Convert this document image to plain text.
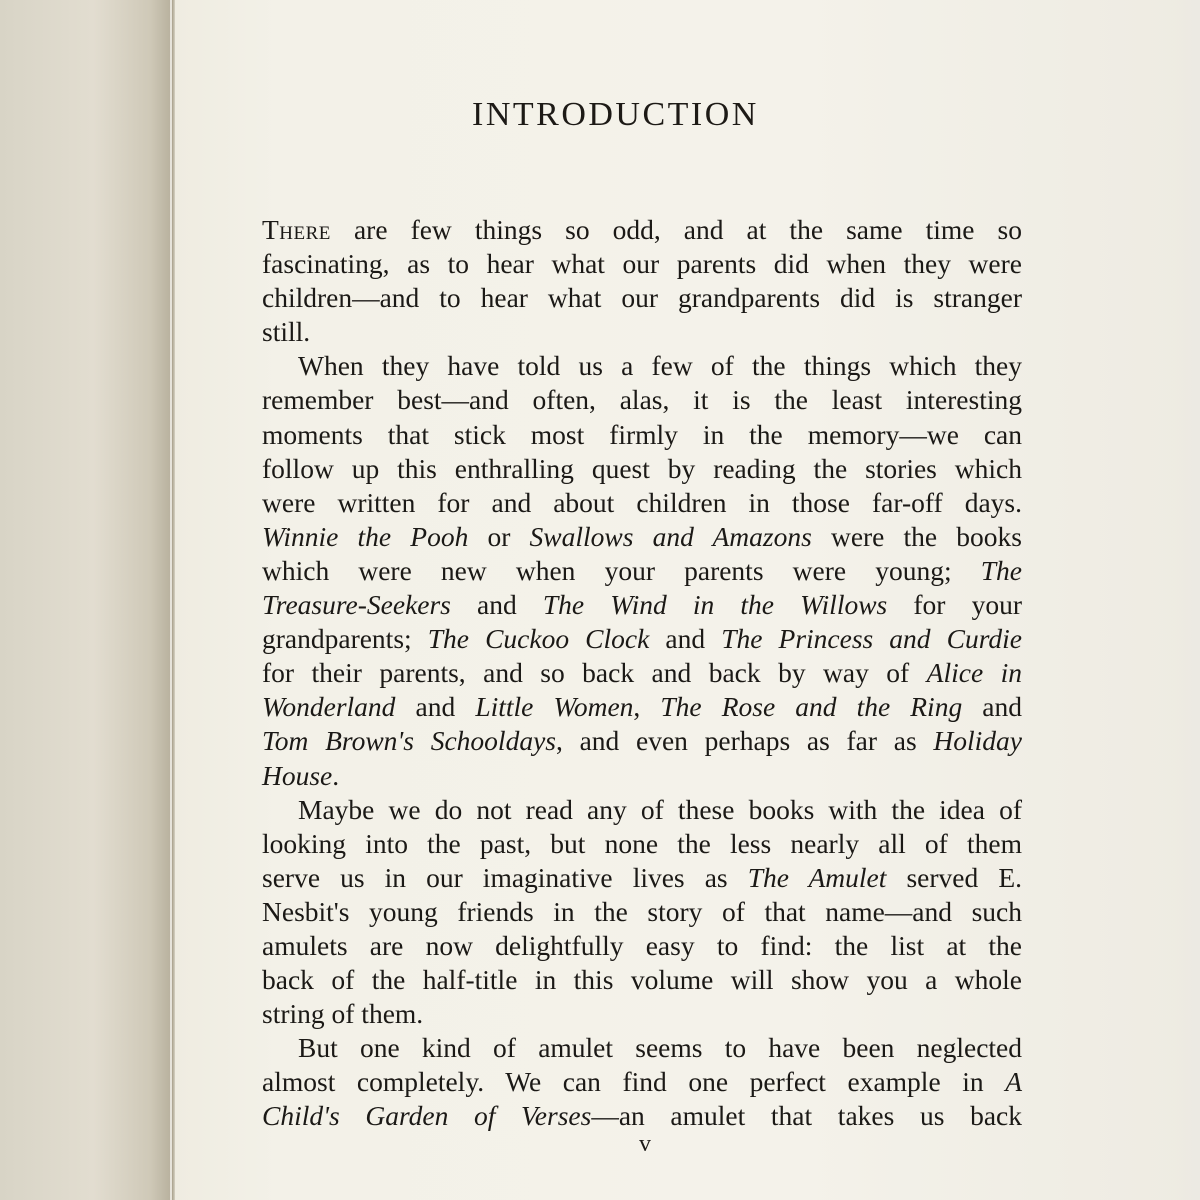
INTRODUCTION
There are few things so odd, and at the same time so
fascinating, as to hear what our parents did when they were
children—and to hear what our grandparents did is stranger
still.
When they have told us a few of the things which they
remember best—and often, alas, it is the least interesting
moments that stick most firmly in the memory—we can
follow up this enthralling quest by reading the stories which
were written for and about children in those far-off days.
Winnie the Pooh or Swallows and Amazons were the books
which were new when your parents were young; The
Treasure-Seekers and The Wind in the Willows for your
grandparents; The Cuckoo Clock and The Princess and Curdie
for their parents, and so back and back by way of Alice in
Wonderland and Little Women, The Rose and the Ring and
Tom Brown's Schooldays, and even perhaps as far as Holiday
House.
Maybe we do not read any of these books with the idea of
looking into the past, but none the less nearly all of them
serve us in our imaginative lives as The Amulet served E.
Nesbit's young friends in the story of that name—and such
amulets are now delightfully easy to find: the list at the
back of the half-title in this volume will show you a whole
string of them.
But one kind of amulet seems to have been neglected
almost completely. We can find one perfect example in A
Child's Garden of Verses—an amulet that takes us back
v
